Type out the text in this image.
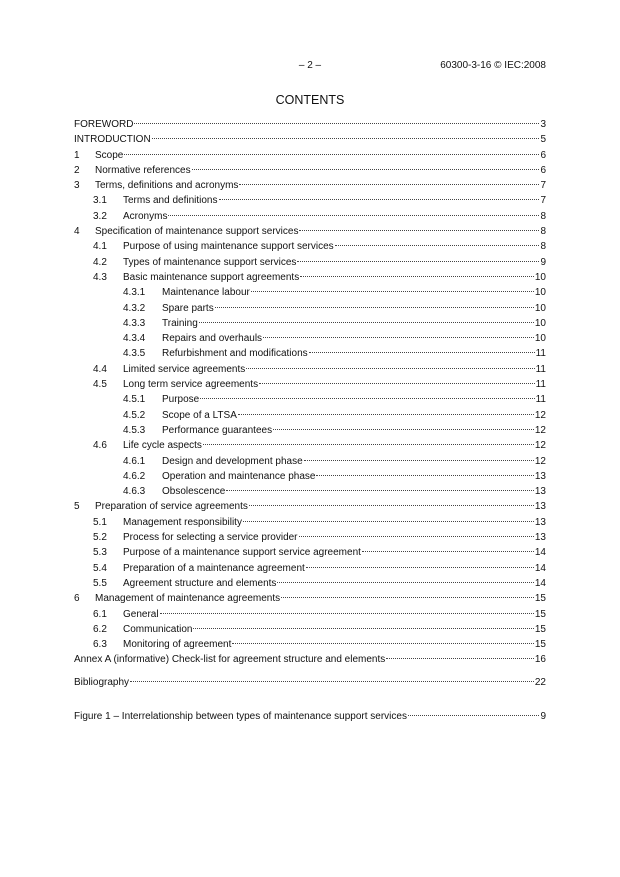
– 2 –	60300-3-16 © IEC:2008
CONTENTS
FOREWORD	3
INTRODUCTION	5
1	Scope	6
2	Normative references	6
3	Terms, definitions and acronyms	7
3.1	Terms and definitions	7
3.2	Acronyms	8
4	Specification of maintenance support services	8
4.1	Purpose of using maintenance support services	8
4.2	Types of maintenance support services	9
4.3	Basic maintenance support agreements	10
4.3.1	Maintenance labour	10
4.3.2	Spare parts	10
4.3.3	Training	10
4.3.4	Repairs and overhauls	10
4.3.5	Refurbishment and modifications	11
4.4	Limited service agreements	11
4.5	Long term service agreements	11
4.5.1	Purpose	11
4.5.2	Scope of a LTSA	12
4.5.3	Performance guarantees	12
4.6	Life cycle aspects	12
4.6.1	Design and development phase	12
4.6.2	Operation and maintenance phase	13
4.6.3	Obsolescence	13
5	Preparation of service agreements	13
5.1	Management responsibility	13
5.2	Process for selecting a service provider	13
5.3	Purpose of a maintenance support service agreement	14
5.4	Preparation of a maintenance agreement	14
5.5	Agreement structure and elements	14
6	Management of maintenance agreements	15
6.1	General	15
6.2	Communication	15
6.3	Monitoring of agreement	15
Annex A (informative) Check-list for agreement structure and elements	16
Bibliography	22
Figure 1 – Interrelationship between types of maintenance support services	9
